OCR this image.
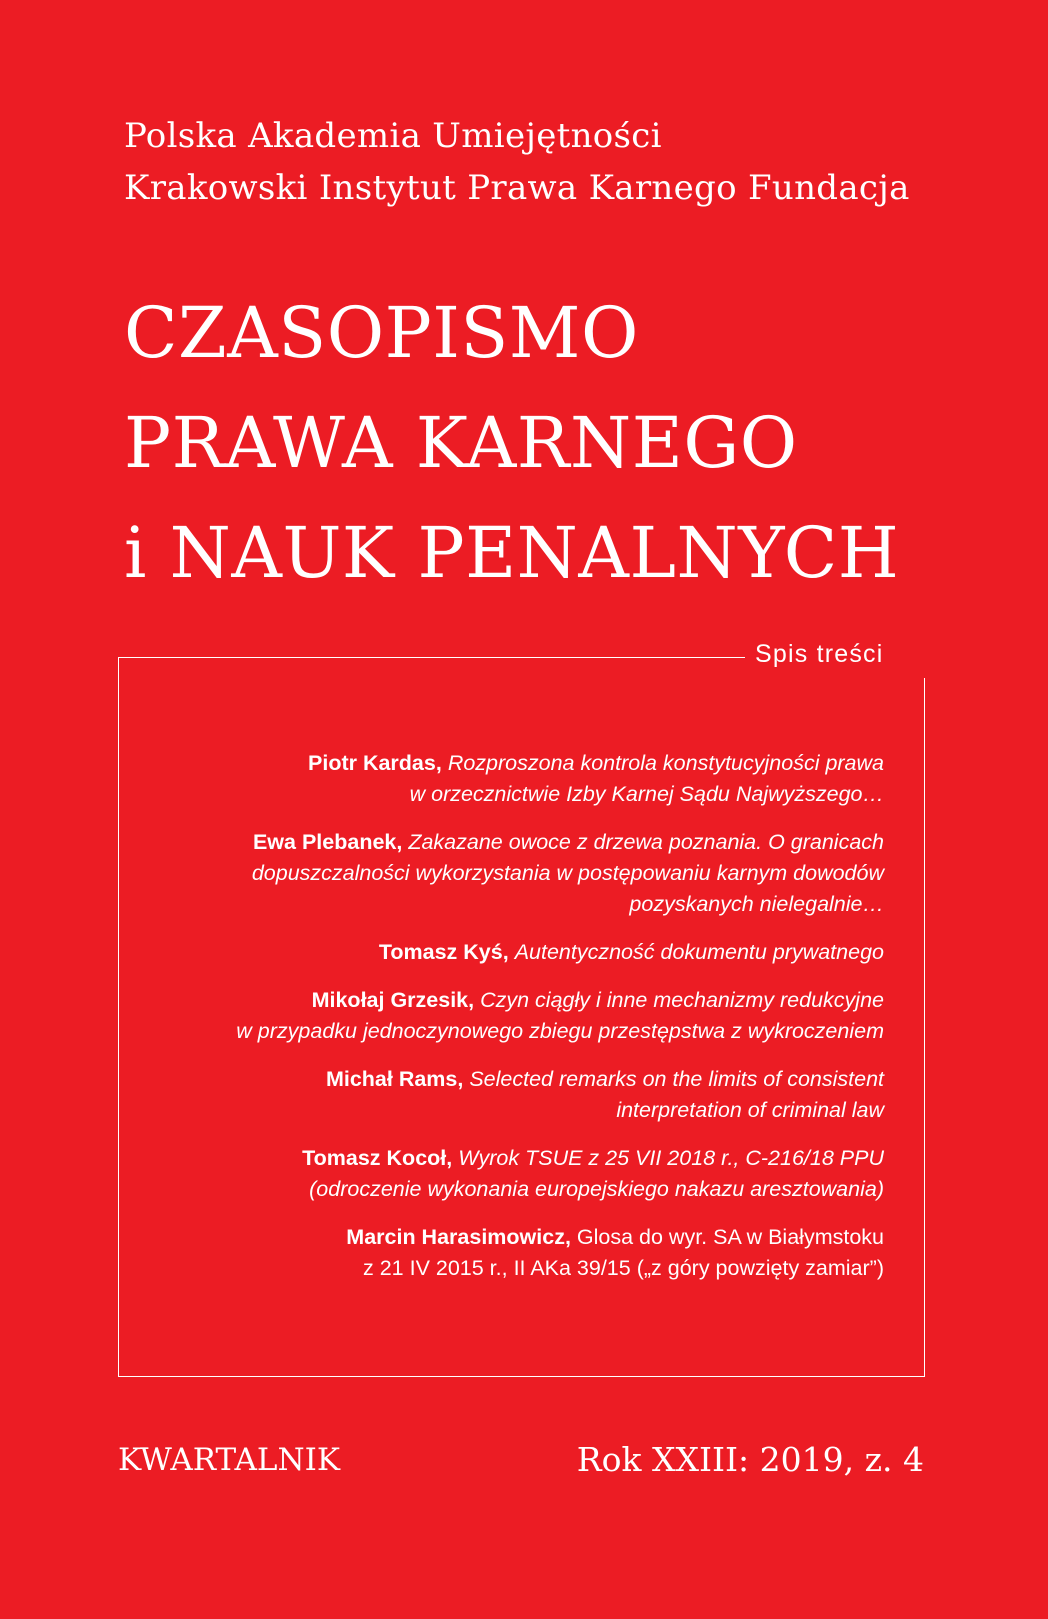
Polska Akademia Umiejętności
Krakowski Instytut Prawa Karnego Fundacja
CZASOPISMO
PRAWA KARNEGO
i NAUK PENALNYCH
Spis treści
Piotr Kardas, Rozproszona kontrola konstytucyjności prawa
w orzecznictwie Izby Karnej Sądu Najwyższego…
Ewa Plebanek, Zakazane owoce z drzewa poznania. O granicach
dopuszczalności wykorzystania w postępowaniu karnym dowodów
pozyskanych nielegalnie…
Tomasz Kyś, Autentyczność dokumentu prywatnego
Mikołaj Grzesik, Czyn ciągły i inne mechanizmy redukcyjne
w przypadku jednoczynowego zbiegu przestępstwa z wykroczeniem
Michał Rams, Selected remarks on the limits of consistent
interpretation of criminal law
Tomasz Kocoł, Wyrok TSUE z 25 VII 2018 r., C-216/18 PPU
(odroczenie wykonania europejskiego nakazu aresztowania)
Marcin Harasimowicz, Glosa do wyr. SA w Białymstoku
z 21 IV 2015 r., II AKa 39/15 („z góry powzięty zamiar”)
KWARTALNIK	Rok XXIII: 2019, z. 4
